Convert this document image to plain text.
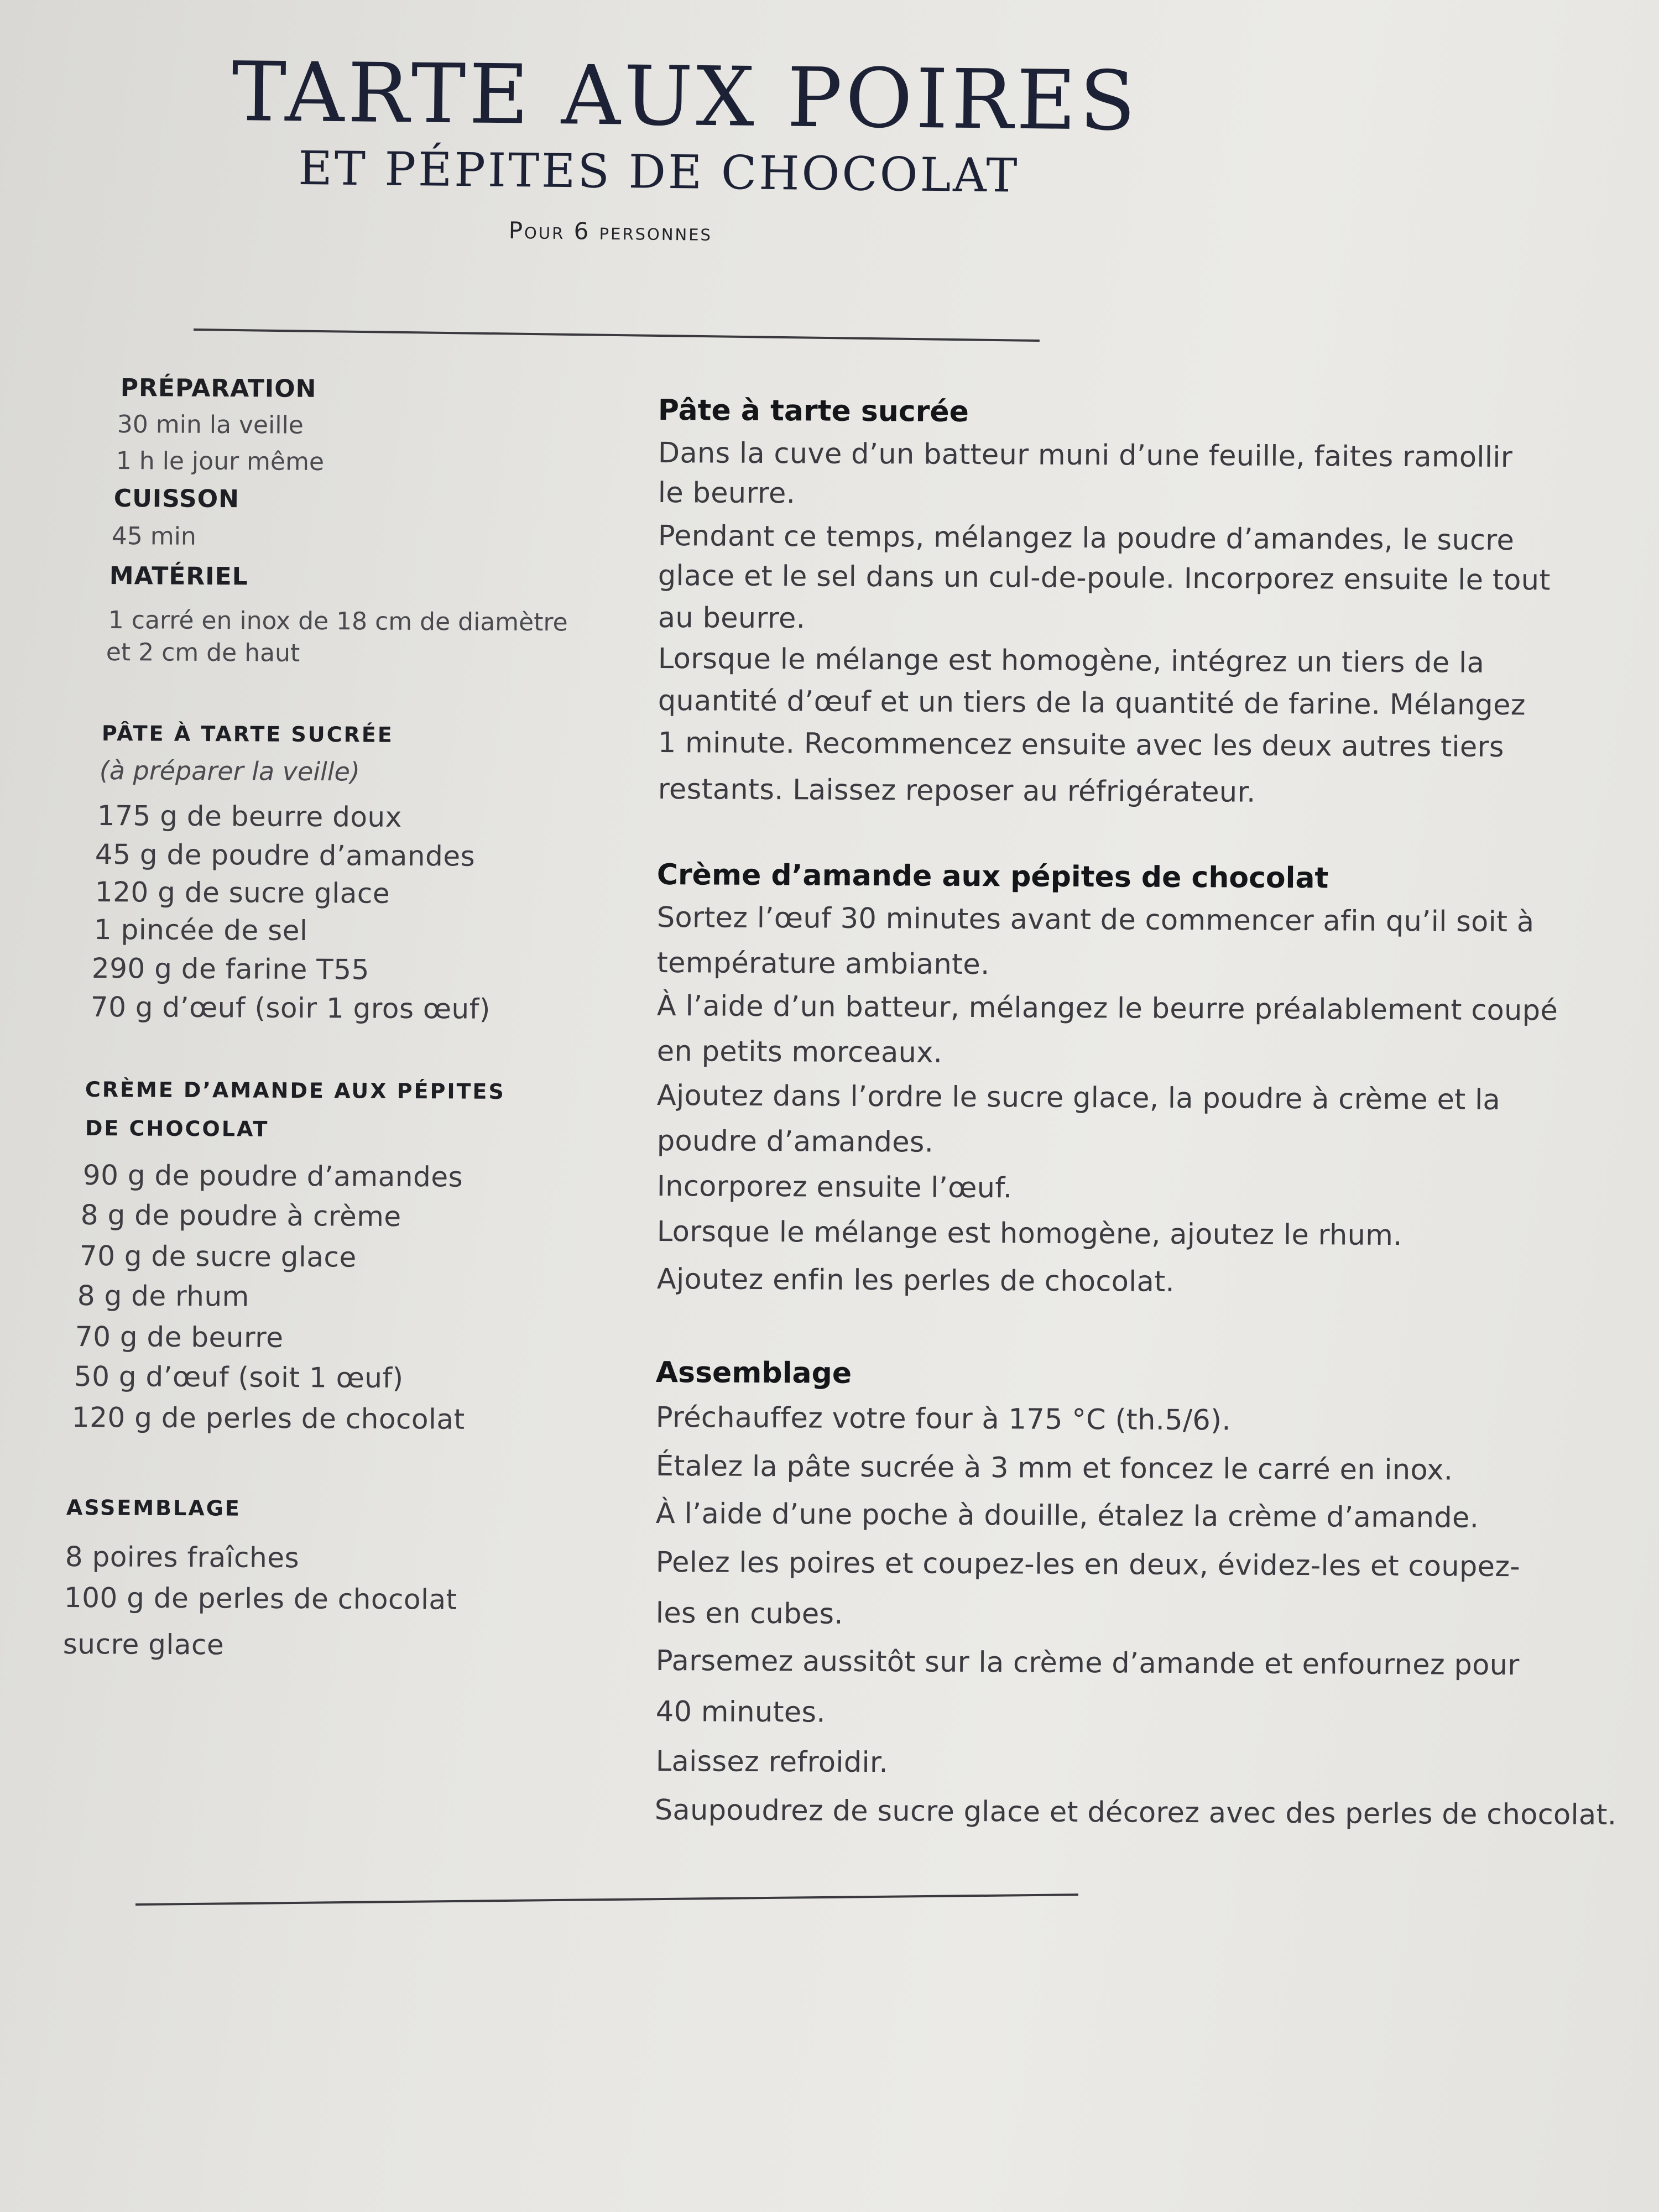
TARTE AUX POIRES
ET PÉPITES DE CHOCOLAT
Pour 6 personnes
PRÉPARATION
30 min la veille
1 h le jour même
CUISSON
45 min
MATÉRIEL
1 carré en inox de 18 cm de diamètre
et 2 cm de haut
PÂTE À TARTE SUCRÉE
(à préparer la veille)
175 g de beurre doux
45 g de poudre d’amandes
120 g de sucre glace
1 pincée de sel
290 g de farine T55
70 g d’œuf (soir 1 gros œuf)
CRÈME D’AMANDE AUX PÉPITES
DE CHOCOLAT
90 g de poudre d’amandes
8 g de poudre à crème
70 g de sucre glace
8 g de rhum
70 g de beurre
50 g d’œuf (soit 1 œuf)
120 g de perles de chocolat
ASSEMBLAGE
8 poires fraîches
100 g de perles de chocolat
sucre glace
Pâte à tarte sucrée
Dans la cuve d’un batteur muni d’une feuille, faites ramollir
le beurre.
Pendant ce temps, mélangez la poudre d’amandes, le sucre
glace et le sel dans un cul-de-poule. Incorporez ensuite le tout
au beurre.
Lorsque le mélange est homogène, intégrez un tiers de la
quantité d’œuf et un tiers de la quantité de farine. Mélangez
1 minute. Recommencez ensuite avec les deux autres tiers
restants. Laissez reposer au réfrigérateur.
Crème d’amande aux pépites de chocolat
Sortez l’œuf 30 minutes avant de commencer afin qu’il soit à
température ambiante.
À l’aide d’un batteur, mélangez le beurre préalablement coupé
en petits morceaux.
Ajoutez dans l’ordre le sucre glace, la poudre à crème et la
poudre d’amandes.
Incorporez ensuite l’œuf.
Lorsque le mélange est homogène, ajoutez le rhum.
Ajoutez enfin les perles de chocolat.
Assemblage
Préchauffez votre four à 175 °C (th.5/6).
Étalez la pâte sucrée à 3 mm et foncez le carré en inox.
À l’aide d’une poche à douille, étalez la crème d’amande.
Pelez les poires et coupez-les en deux, évidez-les et coupez-
les en cubes.
Parsemez aussitôt sur la crème d’amande et enfournez pour
40 minutes.
Laissez refroidir.
Saupoudrez de sucre glace et décorez avec des perles de chocolat.
